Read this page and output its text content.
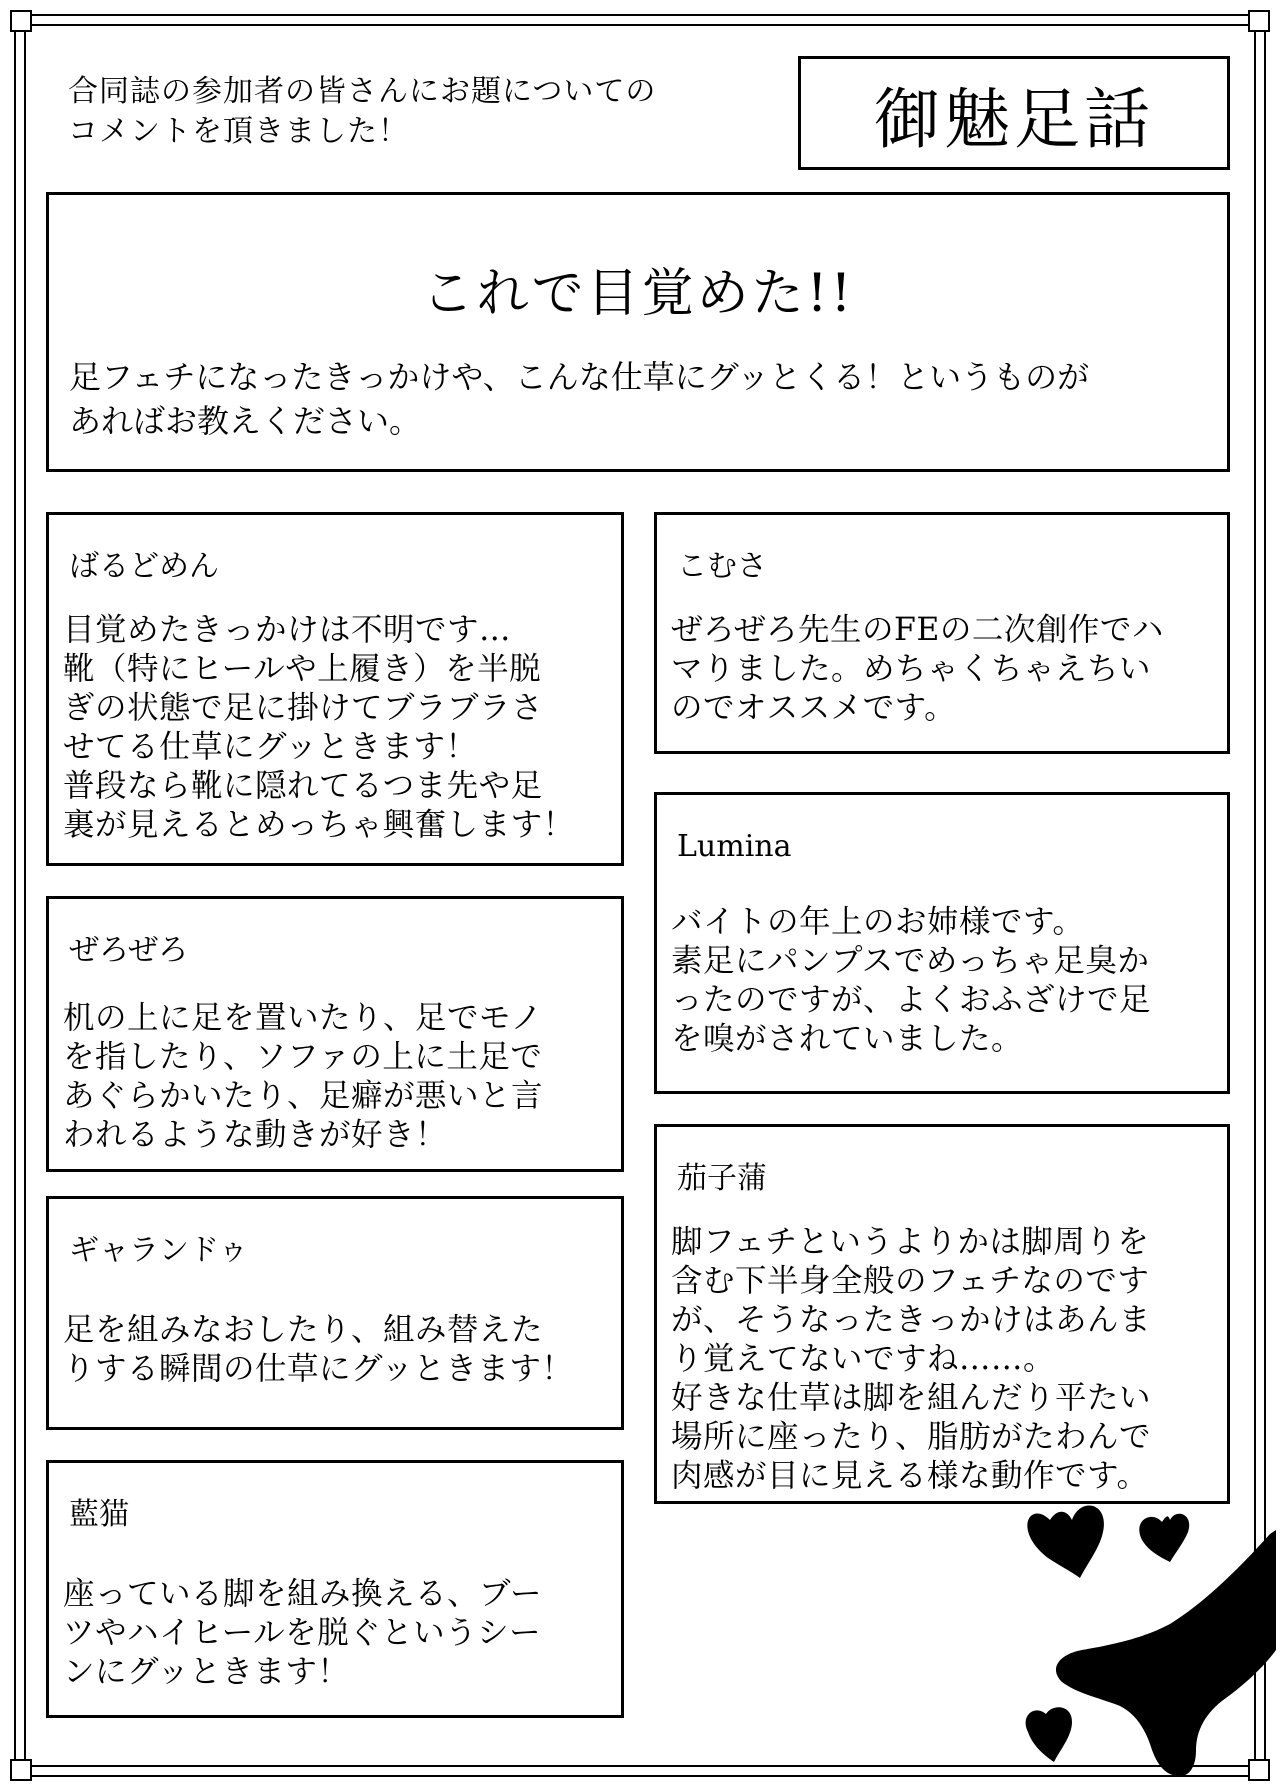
合同誌の参加者の皆さんにお題についての
コメントを頂きました！	御魅足話
これで目覚めた!!
足フェチになったきっかけや、こんな仕草にグッとくる！というものが
あればお教えください。
ばるどめん
目覚めたきっかけは不明です…
靴（特にヒールや上履き）を半脱
ぎの状態で足に掛けてブラブラさ
せてる仕草にグッときます！
普段なら靴に隠れてるつま先や足
裏が見えるとめっちゃ興奮します！
ぜろぜろ
机の上に足を置いたり、足でモノ
を指したり、ソファの上に土足で
あぐらかいたり、足癖が悪いと言
われるような動きが好き！
ギャランドゥ
足を組みなおしたり、組み替えた
りする瞬間の仕草にグッときます！
藍猫
座っている脚を組み換える、ブー
ツやハイヒールを脱ぐというシー
ンにグッときます！
こむさ
ぜろぜろ先生のFEの二次創作でハ
マりました。めちゃくちゃえちい
のでオススメです。
Lumina
バイトの年上のお姉様です。
素足にパンプスでめっちゃ足臭か
ったのですが、よくおふざけで足
を嗅がされていました。
茄子蒲
脚フェチというよりかは脚周りを
含む下半身全般のフェチなのです
が、そうなったきっかけはあんま
り覚えてないですね……。
好きな仕草は脚を組んだり平たい
場所に座ったり、脂肪がたわんで
肉感が目に見える様な動作です。
